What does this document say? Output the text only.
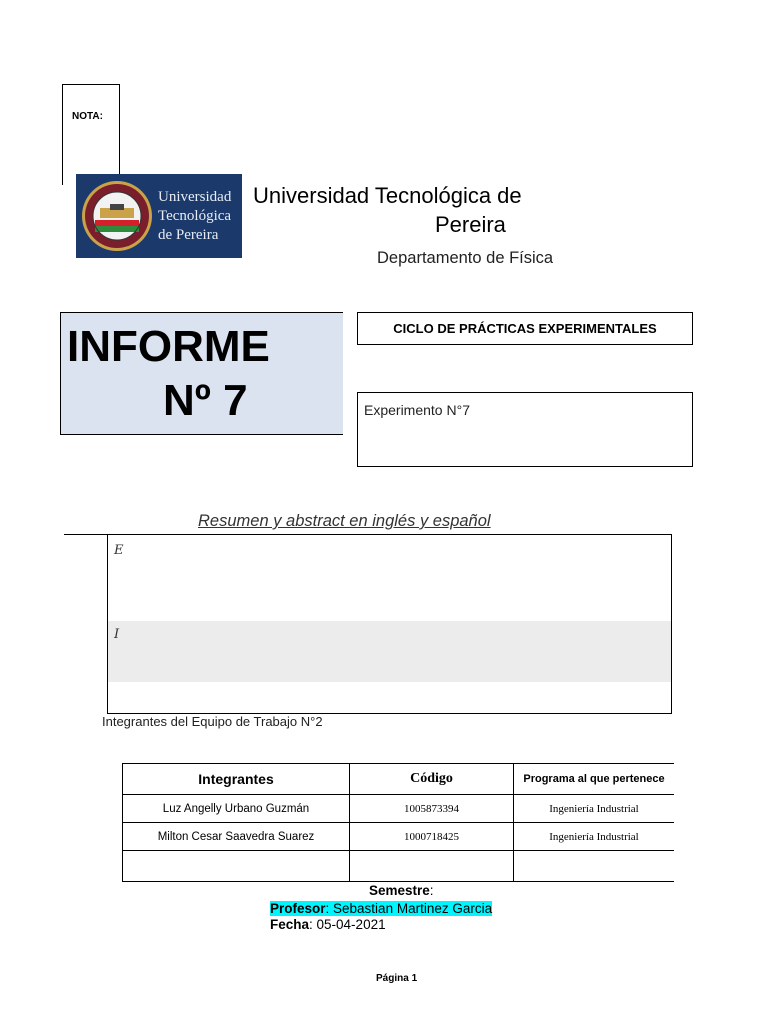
NOTA:
Universidad
Tecnológica
de Pereira
Universidad Tecnológica de
Pereira
Departamento de Física
INFORME
Nº 7
CICLO DE PRÁCTICAS EXPERIMENTALES
Experimento N°7
Resumen y abstract en inglés y español
E
I
Integrantes del Equipo de Trabajo N°2
Integrantes	Código	Programa al que pertenece
Luz Angelly Urbano Guzmán	1005873394	Ingeniería Industrial
Milton Cesar Saavedra Suarez	1000718425	Ingeniería Industrial

Semestre:
Profesor: Sebastian Martinez Garcia
Fecha: 05-04-2021
Página 1
